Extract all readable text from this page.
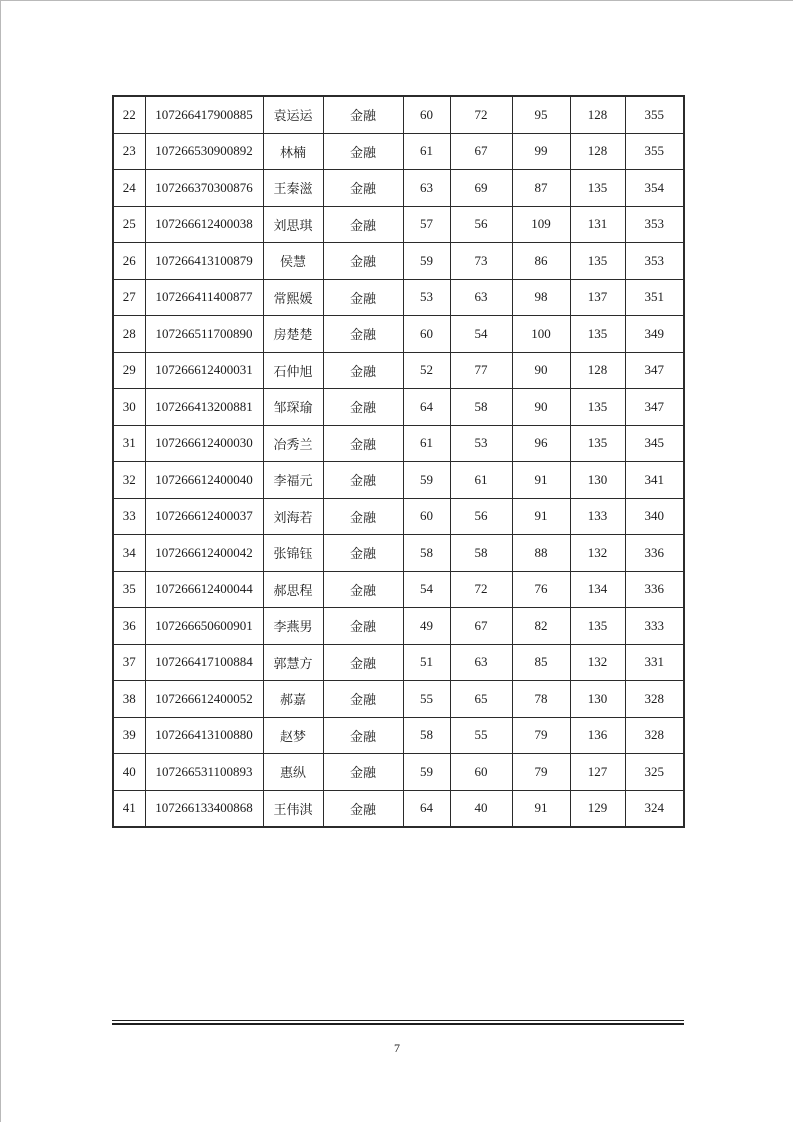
22	107266417900885	袁运运	金融	60	72	95	128	355
23	107266530900892	林楠	金融	61	67	99	128	355
24	107266370300876	王秦滋	金融	63	69	87	135	354
25	107266612400038	刘思琪	金融	57	56	109	131	353
26	107266413100879	侯慧	金融	59	73	86	135	353
27	107266411400877	常熙媛	金融	53	63	98	137	351
28	107266511700890	房楚楚	金融	60	54	100	135	349
29	107266612400031	石仲旭	金融	52	77	90	128	347
30	107266413200881	邹琛瑜	金融	64	58	90	135	347
31	107266612400030	冶秀兰	金融	61	53	96	135	345
32	107266612400040	李福元	金融	59	61	91	130	341
33	107266612400037	刘海若	金融	60	56	91	133	340
34	107266612400042	张锦钰	金融	58	58	88	132	336
35	107266612400044	郝思程	金融	54	72	76	134	336
36	107266650600901	李燕男	金融	49	67	82	135	333
37	107266417100884	郭慧方	金融	51	63	85	132	331
38	107266612400052	郝嘉	金融	55	65	78	130	328
39	107266413100880	赵梦	金融	58	55	79	136	328
40	107266531100893	惠纵	金融	59	60	79	127	325
41	107266133400868	王伟淇	金融	64	40	91	129	324
7
